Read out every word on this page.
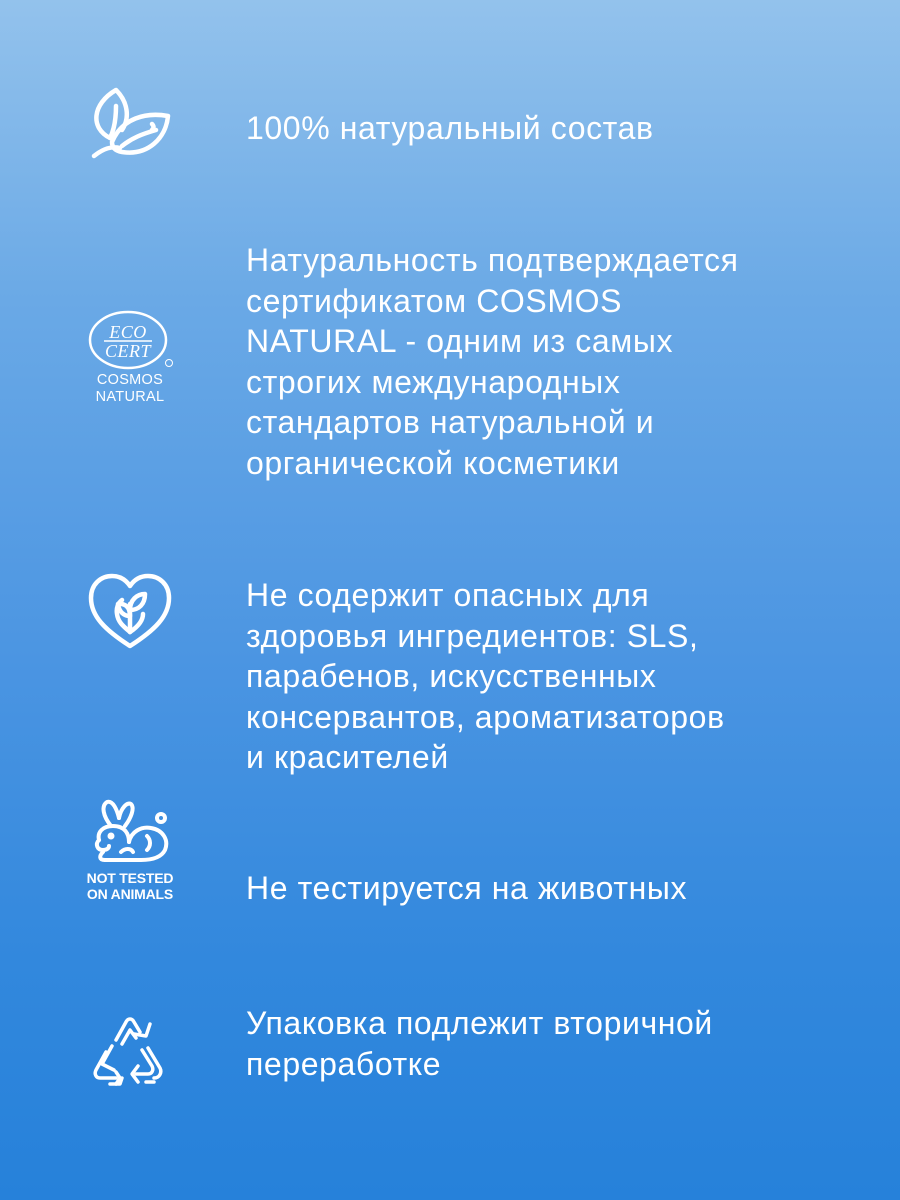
100% натуральный состав
ECO
CERT
COSMOS
NATURAL
Натуральность подтверждается
сертификатом COSMOS
NATURAL - одним из самых
строгих международных
стандартов натуральной и
органической косметики
Не содержит опасных для
здоровья ингредиентов: SLS,
парабенов, искусственных
консервантов, ароматизаторов
и красителей
NOT TESTED
ON ANIMALS Не тестируется на животных
Упаковка подлежит вторичной
переработке
